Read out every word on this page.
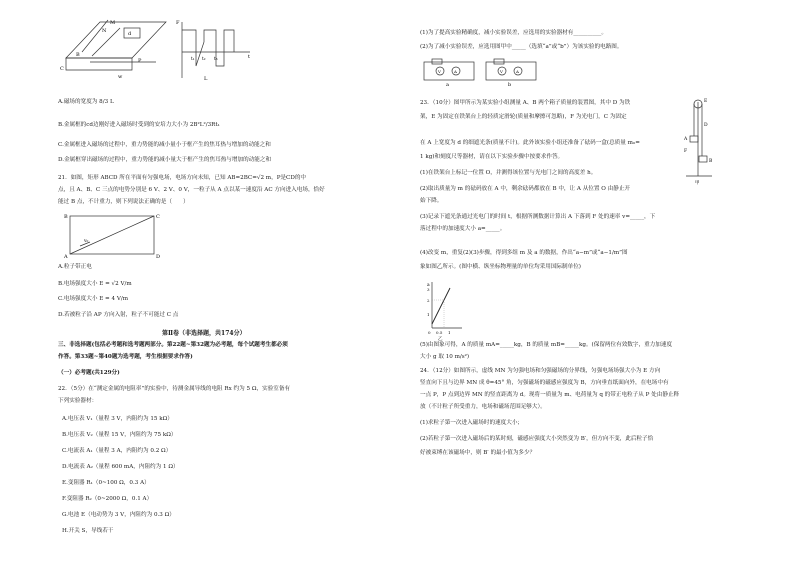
M
N
B
C
P
d
w
F
t
t₁ t₂ t₃
L
A.磁场的宽度为 8/3 L
B.金属框的cd边刚好进入磁场时受到的安培力大小为 2B²L²/3Rt₁
C.金属框进入磁场的过程中，重力势能的减小量小于框产生的焦耳热与增加的动能之和
D.金属框穿出磁场的过程中，重力势能的减小量大于框产生的焦耳热与增加的动能之和
21．如图，矩形 ABCD 所在平面有匀强电场，电场方向未知，已知 AB=2BC=√2 m，P是CD的中
点，且 A、B、C 三点的电势分别是 6 V、2 V、0 V，一粒子从 A 点以某一速度沿 AC 方向进入电场，恰好
能过 B 点，不计重力，则下列说法正确的是（　　）
B	C
A	D
v₀
A.粒子带正电
B.电场强度大小 E = √2 V/m
C.电场强度大小 E = 4 V/m
D.若被粒子沿 AP 方向入射，粒子不可能过 C 点
第Ⅱ卷（非选择题，共174分）
三、非选择题(包括必考题和选考题两部分。第22题~第32题为必考题，每个试题考生都必须
作答。第33题~第40题为选考题，考生根据要求作答)
（一）必考题(共129分)
22．（5分）在“测定金属的电阻率”的实验中，待测金属导线的电阻 Rx 约为 5 Ω，实验室备有
下列实验器材：
A.电压表 V₁（量程 3 V，内阻约为 15 kΩ）
B.电压表 V₂（量程 15 V，内阻约为 75 kΩ）
C.电流表 A₁（量程 3 A，内阻约为 0.2 Ω）
D.电流表 A₂（量程 600 mA，内阻约为 1 Ω）
E.变阻器 R₁（0~100 Ω，0.3 A）
F.变阻器 R₂（0~2000 Ω，0.1 A）
G.电池 E（电动势为 3 V，内阻约为 0.3 Ω）
H.开关 S，导线若干
(1)为了提高实验精确度，减小实验误差，应选用的实验器材有__________。
(2)为了减小实验误差，应选用图甲中_____（选填“a”或“b”）为该实验的电路图。
V	A
a
V	A
b
23．（10分）图甲所示为某实验小组测量 A、B 两个箱子质量的装置图，其中 D 为铁
架，E 为固定在铁架台上的轻质定滑轮(质量和摩擦可忽略)，F 为光电门，C 为固定
E
D
F
A
B
甲
在 A 上宽度为 d 的细遮光条(质量不计)。此外该实验小组还准备了砝码一盒(总质量 m₀=
1 kg)和刻度尺等器材，请在以下实验步骤中按要求作答。
(1)在铁架台上标记一位置 O，并测得该位置与光电门之间的高度差 h。
(2)取出质量为 m 的砝码放在 A 中，剩余砝码都放在 B 中，让 A 从位置 O 由静止开
始下降。
(3)记录下遮光条通过光电门的时间 t，根据所测数据计算出 A 下落到 F 处的速率 v=_____，下
落过程中的加速度大小 a=_____。
(4)改变 m，重复(2)(3)步骤，得到多组 m 及 a 的数据，作出“a−m”或“a−1/m”图
象如图乙所示。(图中横、纵坐标物理量的单位均采用国际制单位)
a
3
2
1
0 0.5 1
乙
(5)由图象可得，A 的质量 mA=_____kg，B 的质量 mB=_____kg。(保留两位有效数字，重力加速度
大小 g 取 10 m/s²)
24．（12分）如图所示，虚线 MN 为匀强电场和匀强磁场的分界线，匀强电场场强大小为 E 方向
竖直向下且与边界 MN 成 θ=45° 角，匀强磁场的磁感应强度为 B，方向垂直纸面向外，在电场中有
一点 P，P 点到边界 MN 的竖直距离为 d。现将一质量为 m、电荷量为 q 的带正电粒子从 P 处由静止释
放（不计粒子所受重力，电场和磁场范围足够大）。
(1)求粒子第一次进入磁场时的速度大小；
(2)若粒子第一次进入磁场后的某时刻，磁感应强度大小突然变为 B′，但方向不变，此后粒子恰
好被束缚在该磁场中，则 B′ 的最小值为多少？
